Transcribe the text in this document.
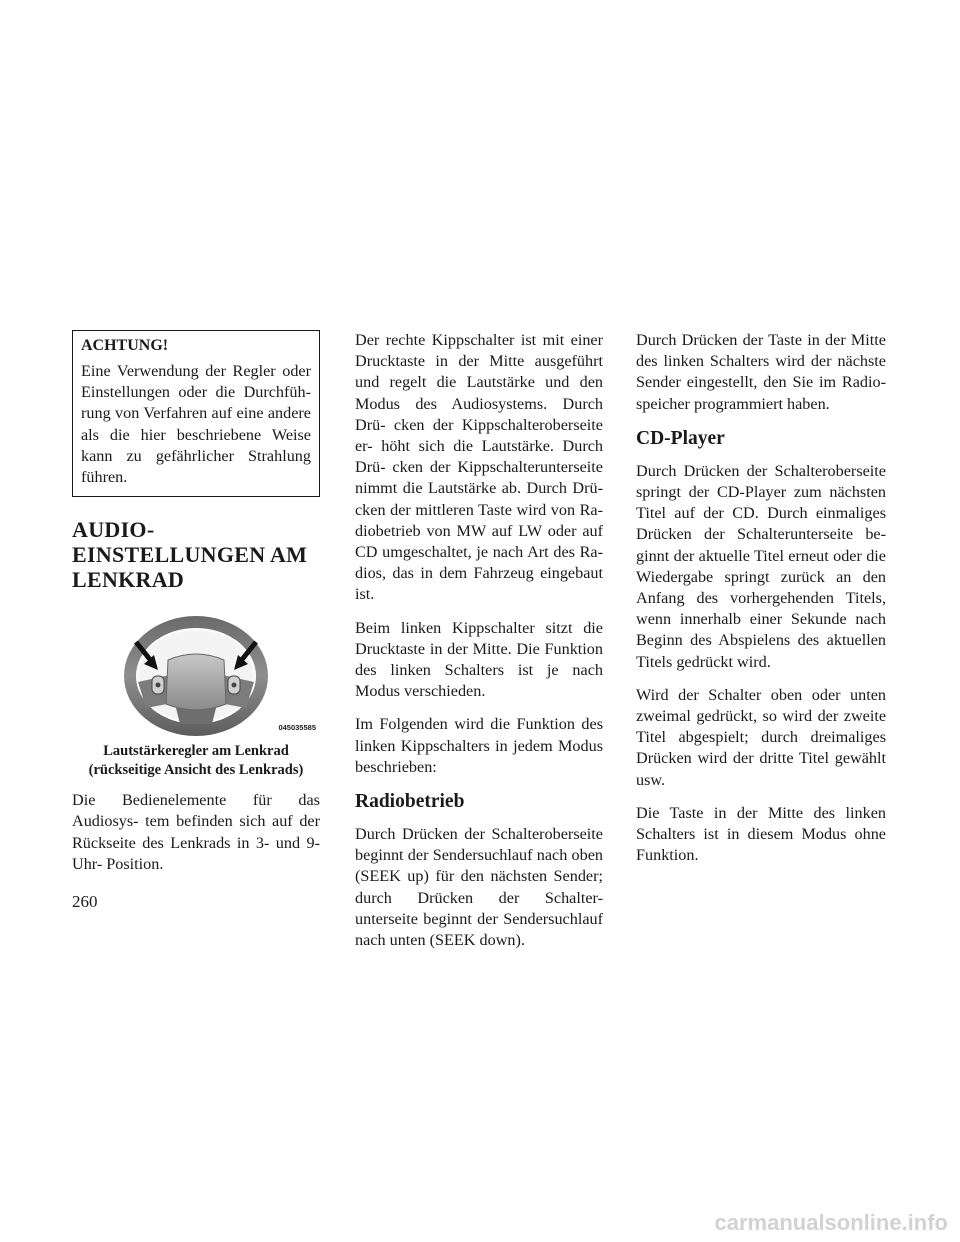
ACHTUNG!

Eine Verwendung der Regler oder Einstellungen oder die Durchfüh- rung von Verfahren auf eine andere als die hier beschriebene Weise kann zu gefährlicher Strahlung führen.

AUDIO-
EINSTELLUNGEN AM
LENKRAD
045035585
Lautstärkeregler am Lenkrad
(rückseitige Ansicht des Lenkrads)

Die Bedienelemente für das Audiosys- tem befinden sich auf der Rückseite des Lenkrads in 3- und 9-Uhr- Position.

Der rechte Kippschalter ist mit einer Drucktaste in der Mitte ausgeführt und regelt die Lautstärke und den Modus des Audiosystems. Durch Drü- cken der Kippschalteroberseite er- höht sich die Lautstärke. Durch Drü- cken der Kippschalterunterseite nimmt die Lautstärke ab. Durch Drü- cken der mittleren Taste wird von Ra- diobetrieb von MW auf LW oder auf CD umgeschaltet, je nach Art des Ra- dios, das in dem Fahrzeug eingebaut ist.

Beim linken Kippschalter sitzt die Drucktaste in der Mitte. Die Funktion des linken Schalters ist je nach Modus verschieden.

Im Folgenden wird die Funktion des linken Kippschalters in jedem Modus beschrieben:

Radiobetrieb

Durch Drücken der Schalteroberseite beginnt der Sendersuchlauf nach oben (SEEK up) für den nächsten Sender; durch Drücken der Schalter- unterseite beginnt der Sendersuchlauf nach unten (SEEK down).

Durch Drücken der Taste in der Mitte des linken Schalters wird der nächste Sender eingestellt, den Sie im Radio- speicher programmiert haben.

CD-Player

Durch Drücken der Schalteroberseite springt der CD-Player zum nächsten Titel auf der CD. Durch einmaliges Drücken der Schalterunterseite be- ginnt der aktuelle Titel erneut oder die Wiedergabe springt zurück an den Anfang des vorhergehenden Titels, wenn innerhalb einer Sekunde nach Beginn des Abspielens des aktuellen Titels gedrückt wird.

Wird der Schalter oben oder unten zweimal gedrückt, so wird der zweite Titel abgespielt; durch dreimaliges Drücken wird der dritte Titel gewählt usw.

Die Taste in der Mitte des linken Schalters ist in diesem Modus ohne Funktion.

260
carmanualsonline.info
